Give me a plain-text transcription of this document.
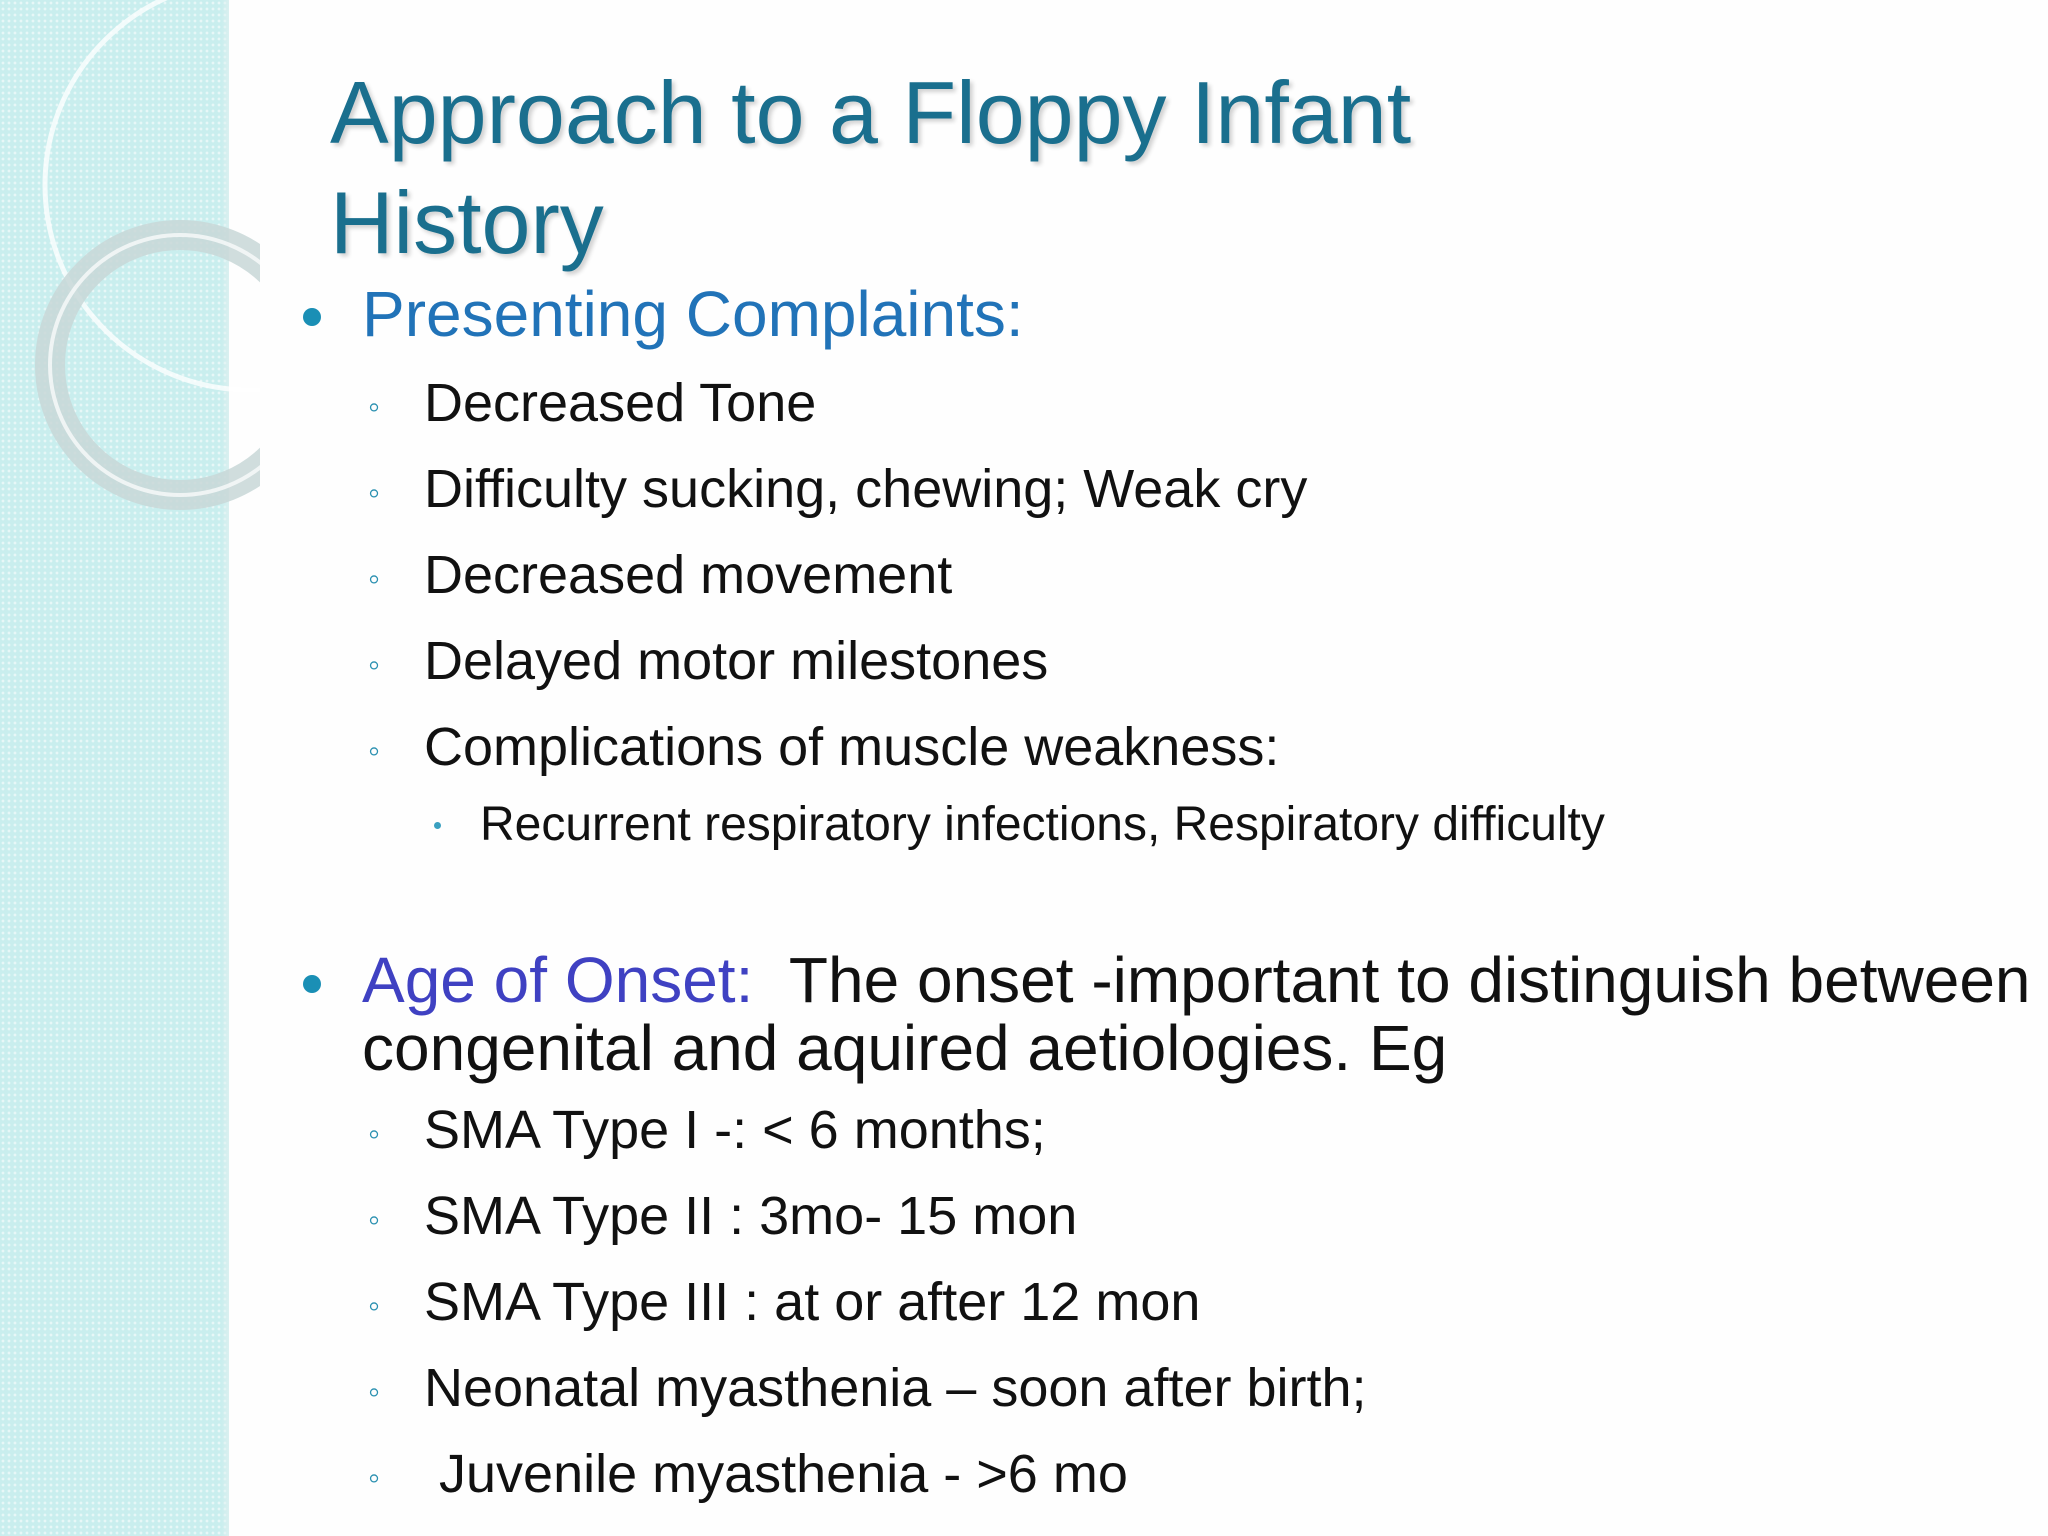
Approach to a Floppy Infant
History
Presenting Complaints:
◦ Decreased Tone
◦ Difficulty sucking, chewing; Weak cry
◦ Decreased movement
◦ Delayed motor milestones
◦ Complications of muscle weakness:
Recurrent respiratory infections, Respiratory difficulty
Age of Onset: The onset -important to distinguish between
congenital and aquired aetiologies. Eg
◦ SMA Type I -: < 6 months;
◦ SMA Type II : 3mo- 15 mon
◦ SMA Type III : at or after 12 mon
◦ Neonatal myasthenia – soon after birth;
◦ Juvenile myasthenia - >6 mo
